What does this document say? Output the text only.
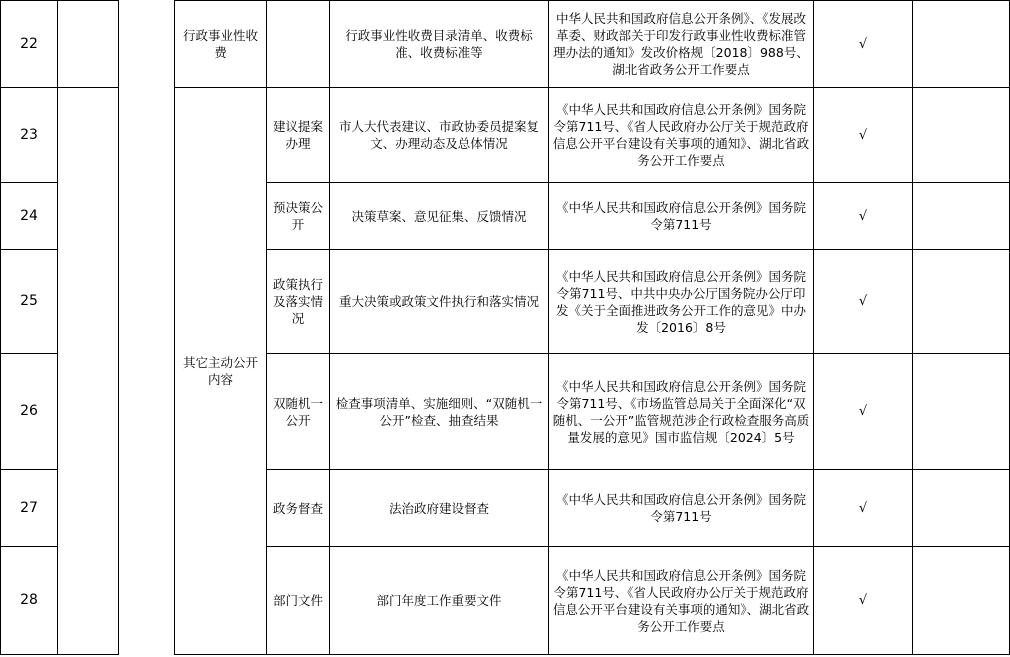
22			行政事业性收费		行政事业性收费目录清单、收费标准、收费标准等	中华人民共和国政府信息公开条例》、《发展改革委、财政部关于印发行政事业性收费标准管理办法的通知》发改价格规〔2018〕988号、湖北省政务公开工作要点	√	
23			其它主动公开内容	建议提案办理	市人大代表建议、市政协委员提案复文、办理动态及总体情况	《中华人民共和国政府信息公开条例》国务院令第711号、《省人民政府办公厅关于规范政府信息公开平台建设有关事项的通知》、湖北省政务公开工作要点	√	
24				预决策公开	决策草案、意见征集、反馈情况	《中华人民共和国政府信息公开条例》国务院令第711号	√	
25				政策执行及落实情况	重大决策或政策文件执行和落实情况	《中华人民共和国政府信息公开条例》国务院令第711号、中共中央办公厅国务院办公厅印发《关于全面推进政务公开工作的意见》中办发〔2016〕8号	√	
26				双随机一公开	检查事项清单、实施细则、“双随机一公开”检查、抽查结果	《中华人民共和国政府信息公开条例》国务院令第711号、《市场监管总局关于全面深化“双随机、一公开”监管规范涉企行政检查服务高质量发展的意见》国市监信规〔2024〕5号	√	
27				政务督查	法治政府建设督查	《中华人民共和国政府信息公开条例》国务院令第711号	√	
28				部门文件	部门年度工作重要文件	《中华人民共和国政府信息公开条例》国务院令第711号、《省人民政府办公厅关于规范政府信息公开平台建设有关事项的通知》、湖北省政务公开工作要点	√	
